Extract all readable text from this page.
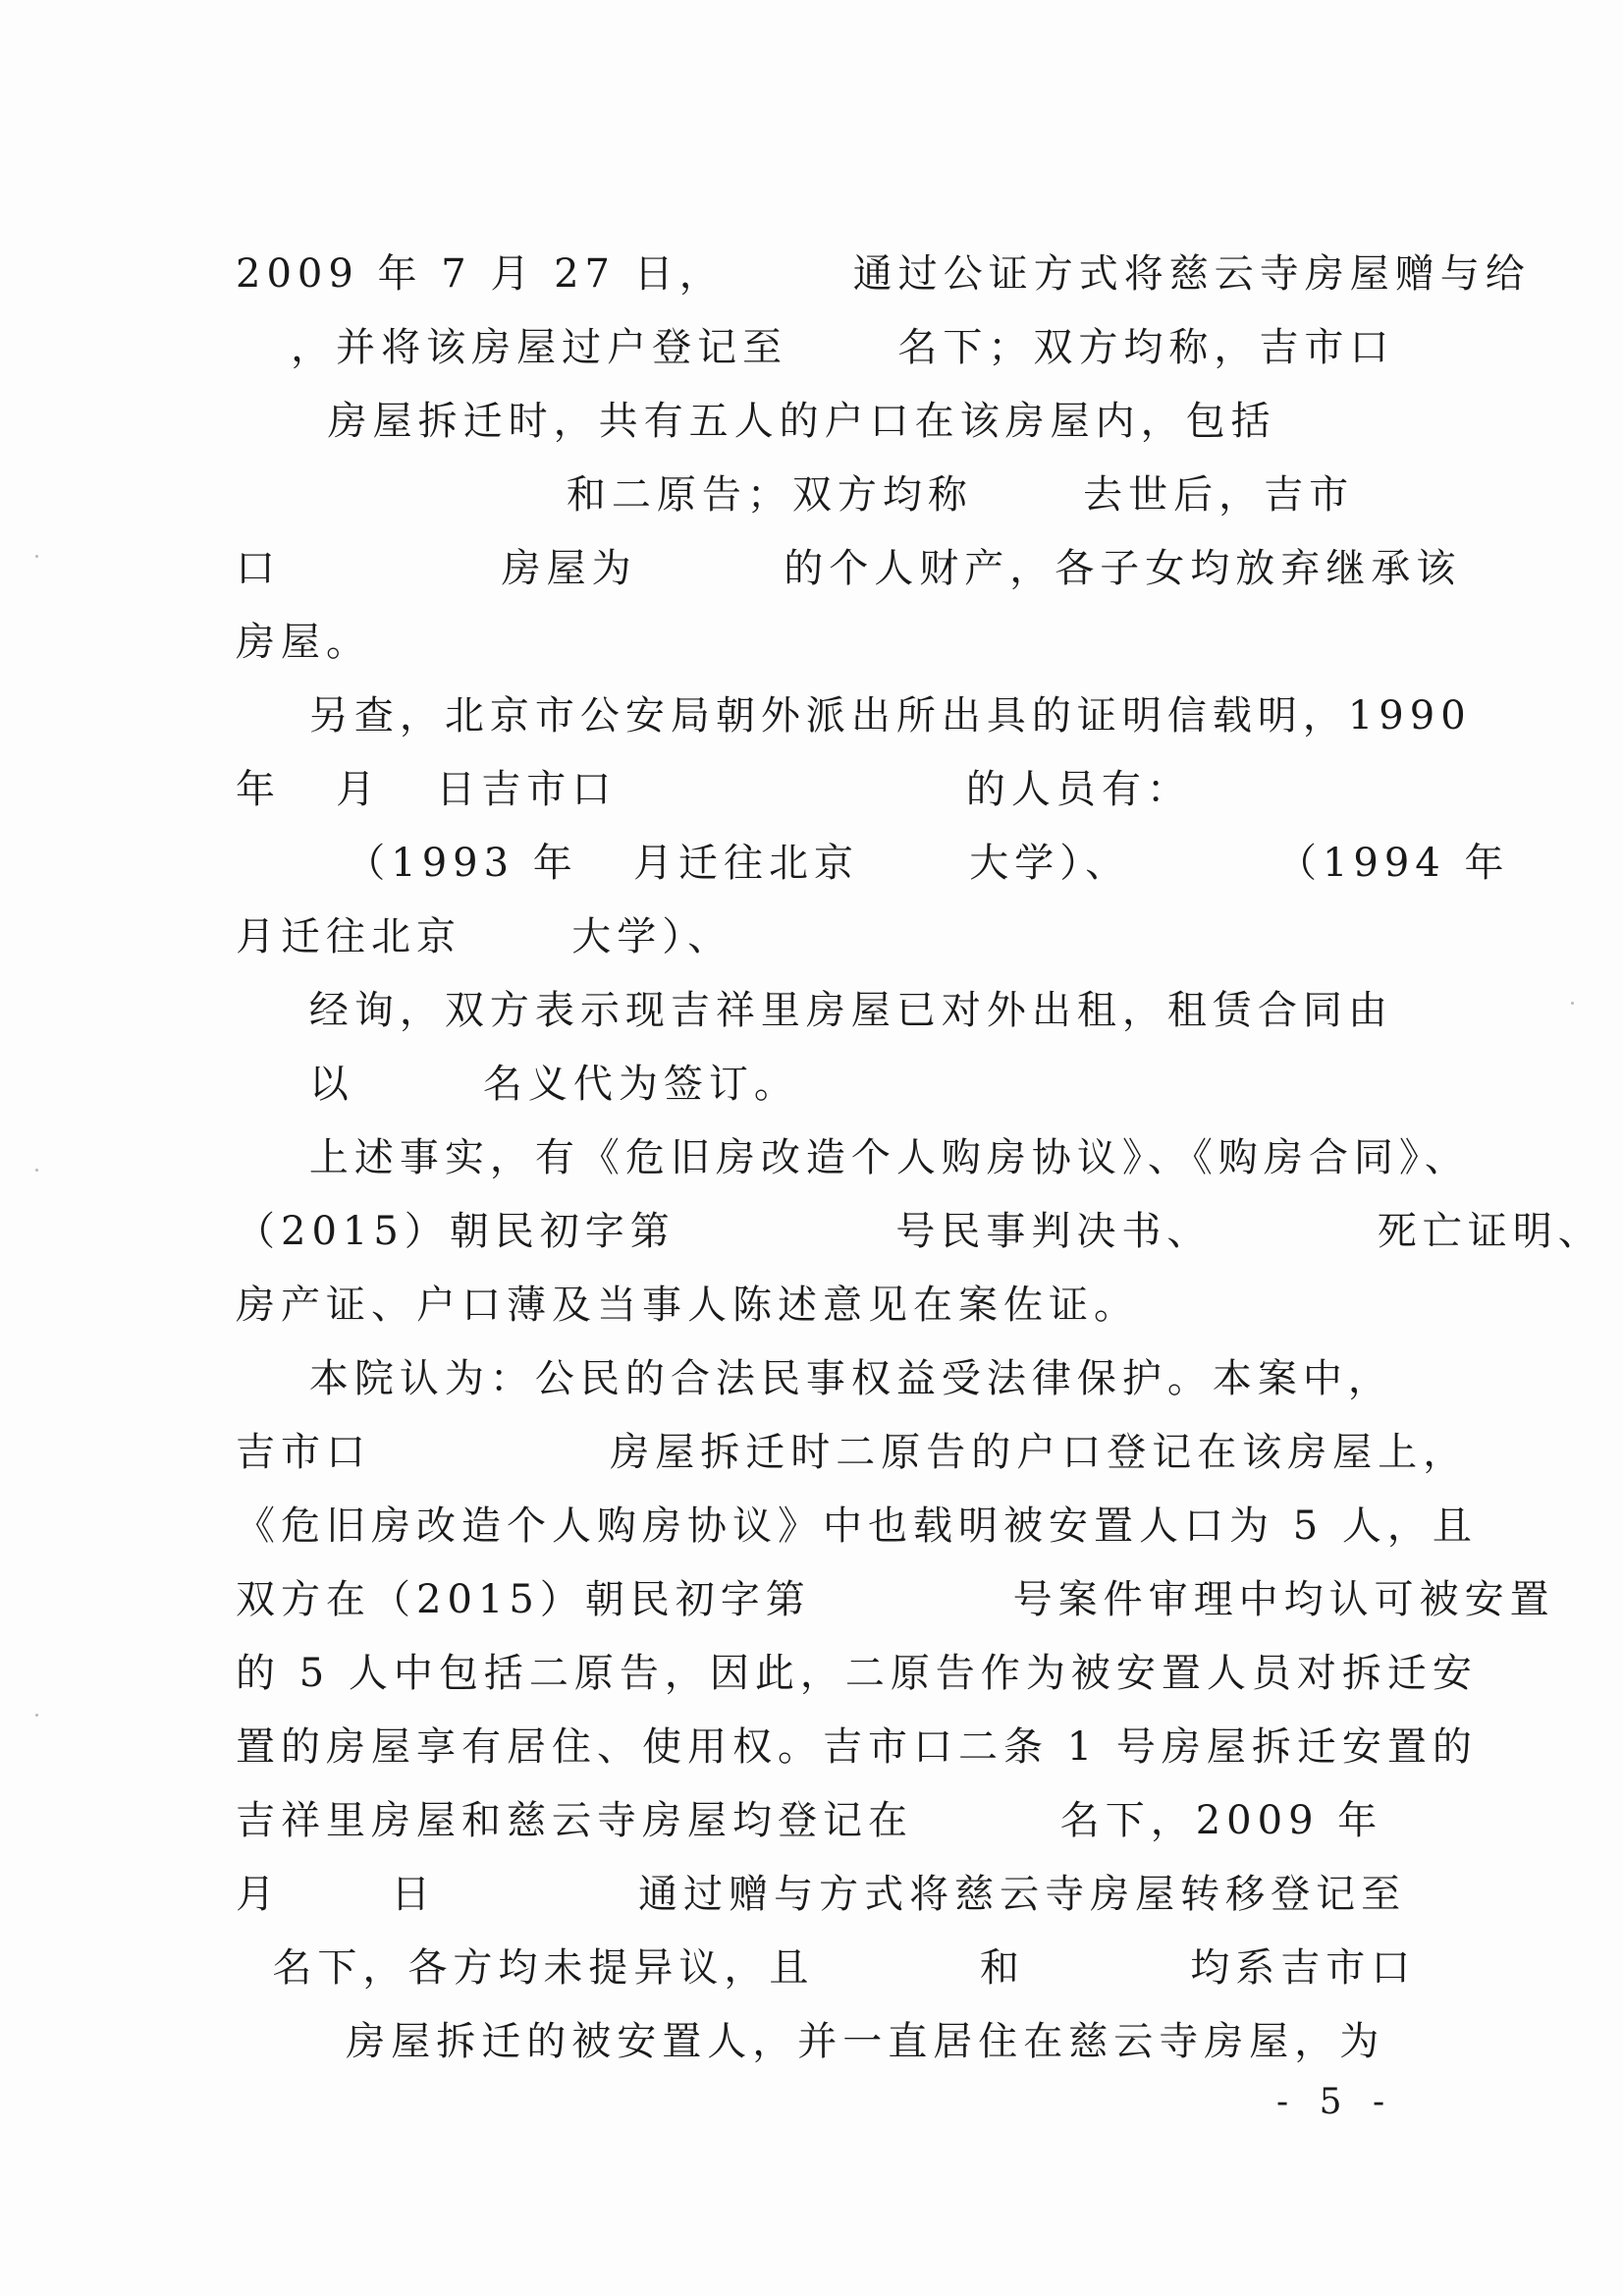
2009 年 7 月 27 日，       通过公证方式将慈云寺房屋赠与给
，并将该房屋过户登记至      名下；双方均称，吉市口
房屋拆迁时，共有五人的户口在该房屋内，包括
和二原告；双方均称      去世后，吉市
口            房屋为        的个人财产，各子女均放弃继承该
房屋。
另查，北京市公安局朝外派出所出具的证明信载明，1990
年   月   日吉市口                   的人员有：
（1993 年   月迁往北京      大学）、        （1994 年
月迁往北京      大学）、
经询，双方表示现吉祥里房屋已对外出租，租赁合同由
以       名义代为签订。
上述事实，有《危旧房改造个人购房协议》、《购房合同》、
（2015）朝民初字第            号民事判决书、         死亡证明、
房产证、户口薄及当事人陈述意见在案佐证。
本院认为：公民的合法民事权益受法律保护。本案中，
吉市口             房屋拆迁时二原告的户口登记在该房屋上，
《危旧房改造个人购房协议》中也载明被安置人口为 5 人，且
双方在（2015）朝民初字第           号案件审理中均认可被安置
的 5 人中包括二原告，因此，二原告作为被安置人员对拆迁安
置的房屋享有居住、使用权。吉市口二条 1 号房屋拆迁安置的
吉祥里房屋和慈云寺房屋均登记在        名下，2009 年
月      日           通过赠与方式将慈云寺房屋转移登记至
名下，各方均未提异议，且         和         均系吉市口
房屋拆迁的被安置人，并一直居住在慈云寺房屋，为
- 5 -
